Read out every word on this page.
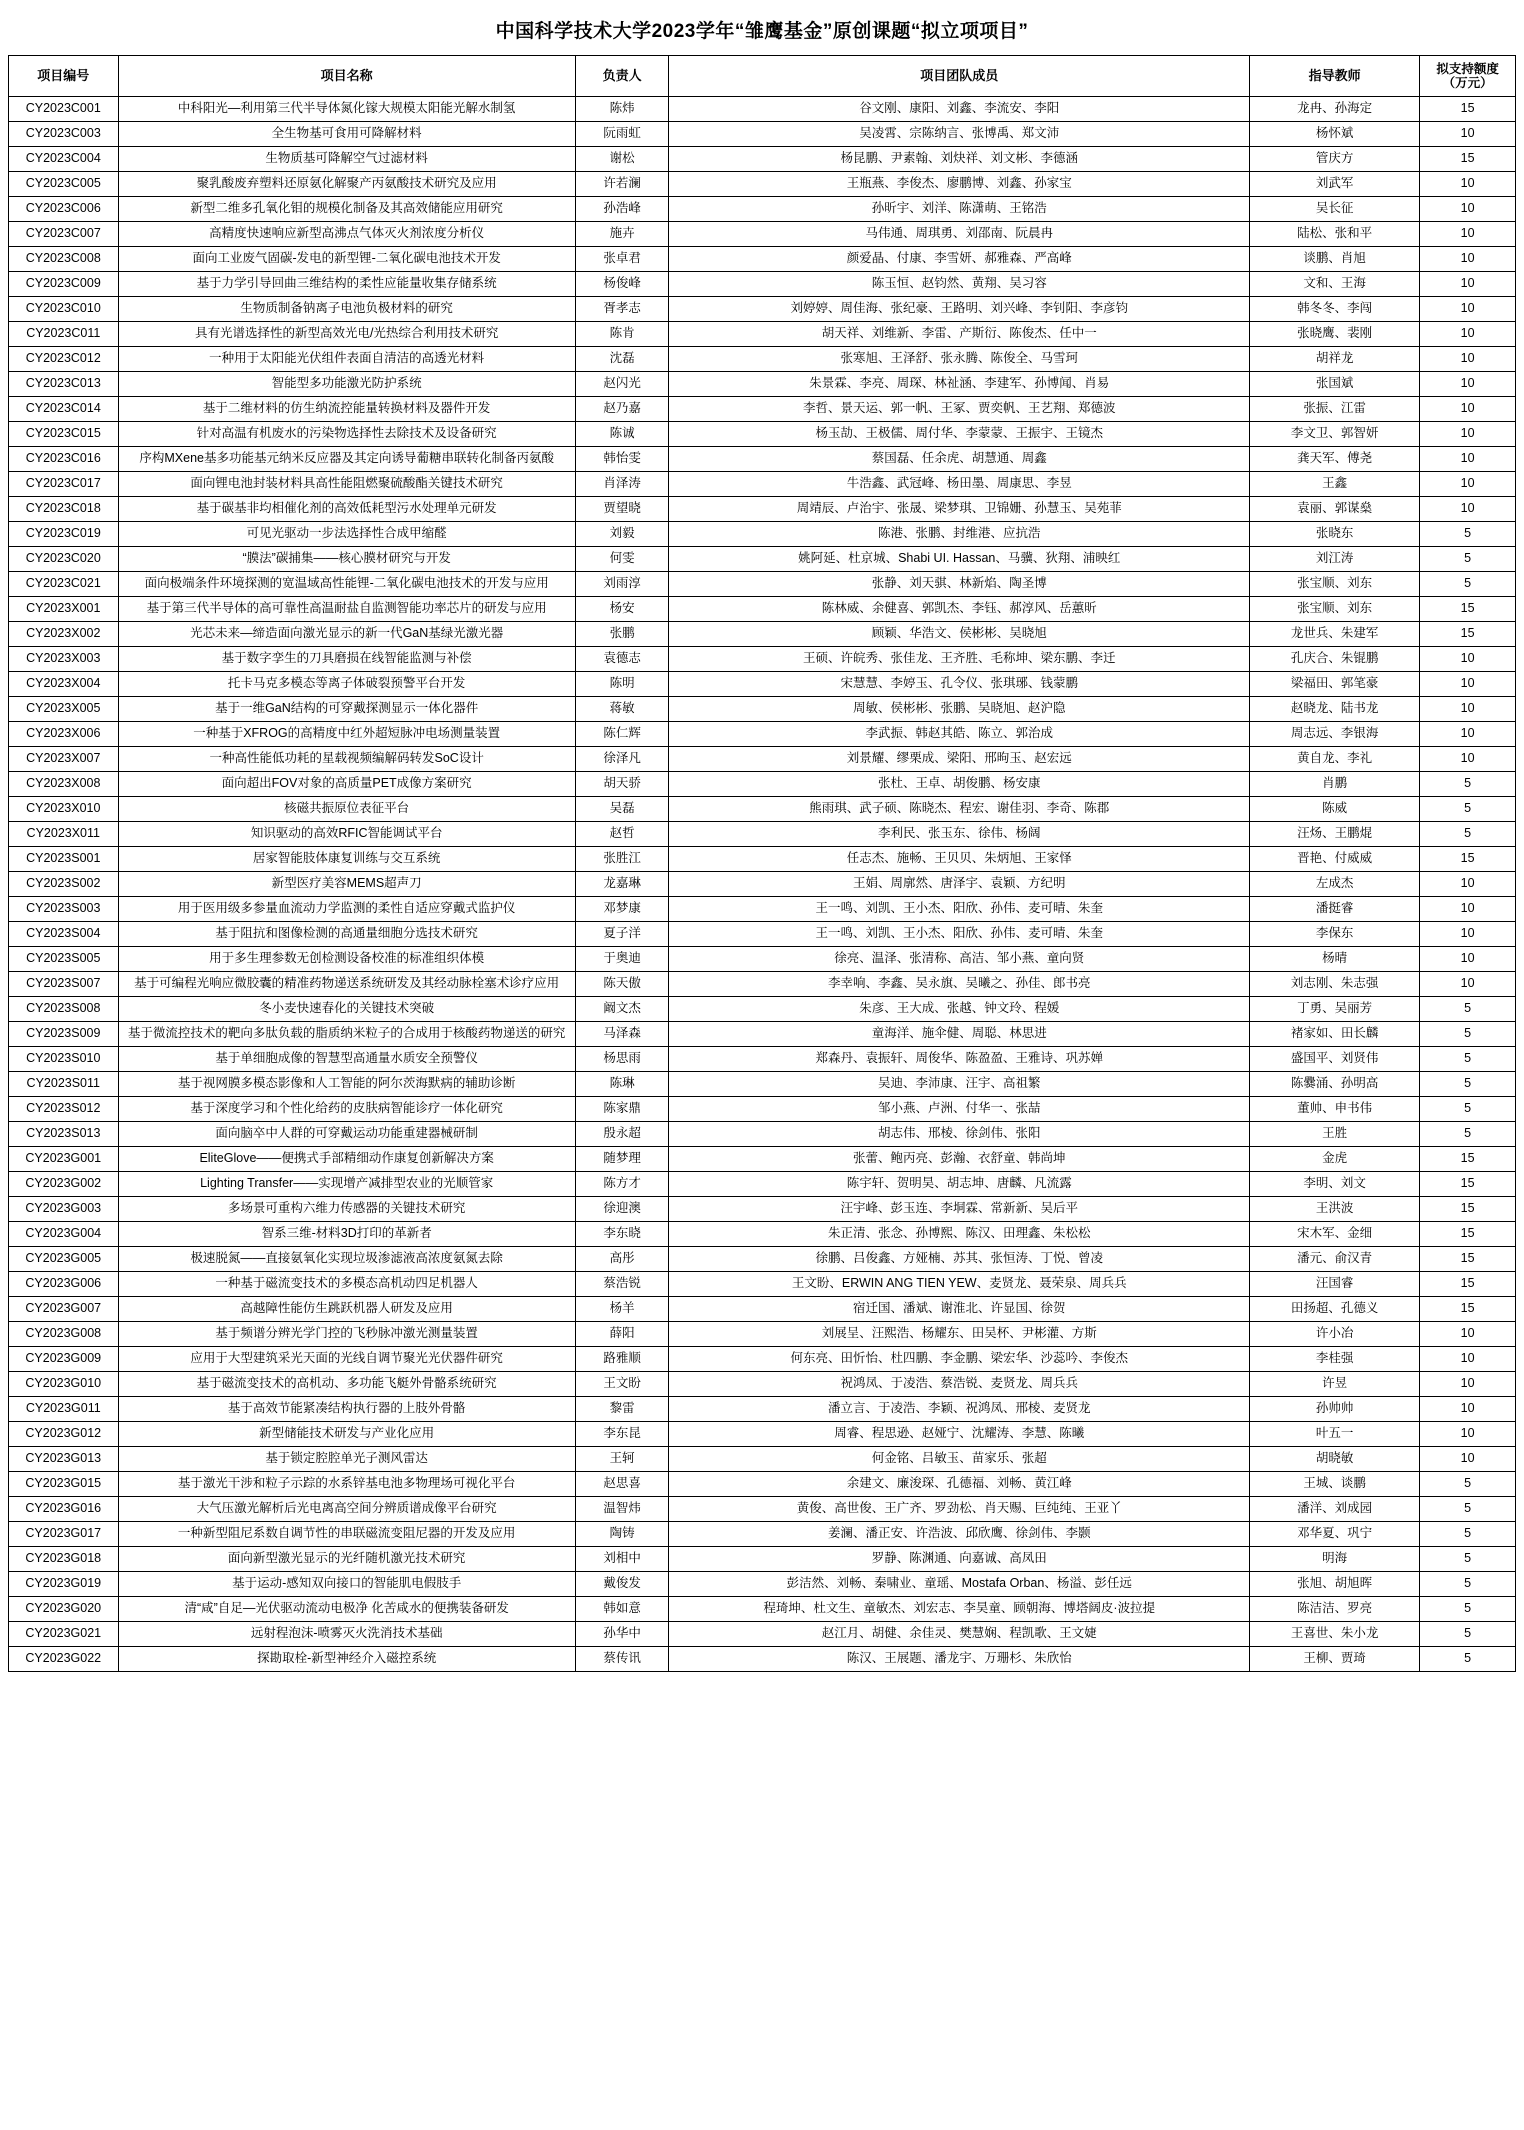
中国科学技术大学2023学年“雏鹰基金”原创课题“拟立项项目”
项目编号	项目名称	负责人	项目团队成员	指导教师	拟支持额度
（万元）

CY2023C001	中科阳光—利用第三代半导体氮化镓大规模太阳能光解水制氢	陈炜	谷文刚、康阳、刘鑫、李流安、李阳	龙冉、孙海定	15
CY2023C003	全生物基可食用可降解材料	阮雨虹	吴凌霄、宗陈纳言、张博禹、郑文沛	杨怀斌	10
CY2023C004	生物质基可降解空气过滤材料	谢松	杨昆鹏、尹素翰、刘炔祥、刘文彬、李德涵	管庆方	15
CY2023C005	聚乳酸废弃塑料还原氨化解聚产丙氨酸技术研究及应用	许若澜	王瓶燕、李俊杰、廖鹏博、刘鑫、孙家宝	刘武军	10
CY2023C006	新型二维多孔氧化钼的规模化制备及其高效储能应用研究	孙浩峰	孙昕宇、刘洋、陈潇萌、王铭浩	吴长征	10
CY2023C007	高精度快速响应新型高沸点气体灭火剂浓度分析仪	施卉	马伟通、周琪勇、刘邵南、阮晨冉	陆松、张和平	10
CY2023C008	面向工业废气固碳-发电的新型锂-二氧化碳电池技术开发	张卓君	颜爱晶、付康、李雪妍、郝雅森、严高峰	谈鹏、肖旭	10
CY2023C009	基于力学引导回曲三维结构的柔性应能量收集存储系统	杨俊峰	陈玉恒、赵钧然、黄翔、吴习容	文和、王海	10
CY2023C010	生物质制备钠离子电池负极材料的研究	胥孝志	刘婷婷、周佳海、张纪豪、王路明、刘兴峰、李钊阳、李彦钧	韩冬冬、李闯	10
CY2023C011	具有光谱选择性的新型高效光电/光热综合利用技术研究	陈肯	胡天祥、刘维新、李雷、产斯衍、陈俊杰、任中一	张晓鹰、裴刚	10
CY2023C012	一种用于太阳能光伏组件表面自清洁的高透光材料	沈磊	张寒旭、王泽舒、张永腾、陈俊全、马雪珂	胡祥龙	10
CY2023C013	智能型多功能激光防护系统	赵闪光	朱景霖、李亮、周琛、林祉涵、李建军、孙博闻、肖易	张国斌	10
CY2023C014	基于二维材料的仿生纳流控能量转换材料及器件开发	赵乃嘉	李哲、景天运、郭一帆、王冢、贾奕帆、王艺翔、郑德波	张振、江雷	10
CY2023C015	针对高温有机废水的污染物选择性去除技术及设备研究	陈诚	杨玉劼、王极儒、周付华、李蒙蒙、王振宇、王镜杰	李文卫、郭智妍	10
CY2023C016	序构MXene基多功能基元纳米反应器及其定向诱导葡糖串联转化制备丙氨酸	韩怡雯	蔡国磊、任余虎、胡慧通、周鑫	龚天军、傅尧	10
CY2023C017	面向锂电池封装材料具高性能阻燃聚硫酸酯关键技术研究	肖泽涛	牛浩鑫、武冠峰、杨田墨、周康思、李昱	王鑫	10
CY2023C018	基于碳基非均相催化剂的高效低耗型污水处理单元研发	贾望晓	周靖辰、卢治宇、张晟、梁梦琪、卫锦姗、孙慧玉、吴苑菲	袁丽、郭谋燊	10
CY2023C019	可见光驱动一步法选择性合成甲缩醛	刘毅	陈港、张鹏、封维港、应抗浩	张晓东	5
CY2023C020	“膜法”碳捕集——核心膜材研究与开发	何雯	姚阿延、杜京城、Shabi UI. Hassan、马骥、狄翔、浦映红	刘江涛	5
CY2023C021	面向极端条件环境探测的宽温域高性能锂-二氧化碳电池技术的开发与应用	刘雨淳	张静、刘天骐、林新焰、陶圣博	张宝顺、刘东	5
CY2023X001	基于第三代半导体的高可靠性高温耐盐自监测智能功率芯片的研发与应用	杨安	陈林威、余健喜、郭凯杰、李钰、郝淳风、岳蕙昕	张宝顺、刘东	15
CY2023X002	光芯未来—缔造面向激光显示的新一代GaN基绿光激光器	张鹏	顾颖、华浩文、侯彬彬、吴晓旭	龙世兵、朱建军	15
CY2023X003	基于数字孪生的刀具磨损在线智能监测与补偿	袁德志	王硕、许皖秀、张佳龙、王齐胜、毛称坤、梁东鹏、李迁	孔庆合、朱锟鹏	10
CY2023X004	托卡马克多模态等离子体破裂预警平台开发	陈明	宋慧慧、李婷玉、孔令仪、张琪琊、钱蒙鹏	梁福田、郭笔豪	10
CY2023X005	基于一维GaN结构的可穿戴探测显示一体化器件	蒋敏	周敏、侯彬彬、张鹏、吴晓旭、赵沪隐	赵晓龙、陆书龙	10
CY2023X006	一种基于XFROG的高精度中红外超短脉冲电场测量装置	陈仁辉	李武振、韩赵其皓、陈立、郭治成	周志远、李银海	10
CY2023X007	一种高性能低功耗的星载视频编解码转发SoC设计	徐泽凡	刘景耀、缪栗成、梁阳、邢昫玉、赵宏远	黄自龙、李礼	10
CY2023X008	面向超出FOV对象的高质量PET成像方案研究	胡天骄	张杜、王卓、胡俊鹏、杨安康	肖鹏	5
CY2023X010	核磁共振原位表征平台	吴磊	熊雨琪、武子硕、陈晓杰、程宏、谢佳羽、李奇、陈郡	陈威	5
CY2023X011	知识驱动的高效RFIC智能调试平台	赵哲	李利民、张玉东、徐伟、杨阔	汪炀、王鹏焜	5
CY2023S001	居家智能肢体康复训练与交互系统	张胜江	任志杰、施畅、王贝贝、朱炳旭、王家怿	晋艳、付威威	15
CY2023S002	新型医疗美容MEMS超声刀	龙嘉琳	王娟、周廓然、唐泽宇、袁颖、方纪明	左成杰	10
CY2023S003	用于医用级多参量血流动力学监测的柔性自适应穿戴式监护仪	邓梦康	王一鸣、刘凯、王小杰、阳欣、孙伟、麦可晴、朱奎	潘挺睿	10
CY2023S004	基于阻抗和图像检测的高通量细胞分选技术研究	夏子洋	王一鸣、刘凯、王小杰、阳欣、孙伟、麦可晴、朱奎	李保东	10
CY2023S005	用于多生理参数无创检测设备校准的标准组织体模	于奥迪	徐亮、温泽、张清称、高洁、邹小燕、童向贤	杨晴	10
CY2023S007	基于可编程光响应微胶囊的精准药物递送系统研发及其经动脉栓塞术诊疗应用	陈天傲	李幸响、李鑫、吴永旗、吴曦之、孙佳、郎书亮	刘志刚、朱志强	10
CY2023S008	冬小麦快速春化的关键技术突破	阚文杰	朱彦、王大成、张越、钟文玲、程媛	丁勇、吴丽芳	5
CY2023S009	基于微流控技术的靶向多肽负载的脂质纳米粒子的合成用于核酸药物递送的研究	马泽森	童海洋、施伞健、周聪、林思进	褚家如、田长麟	5
CY2023S010	基于单细胞成像的智慧型高通量水质安全预警仪	杨思雨	郑森丹、袁振轩、周俊华、陈盈盈、王雅诗、巩苏婵	盛国平、刘贤伟	5
CY2023S011	基于视网膜多模态影像和人工智能的阿尔茨海默病的辅助诊断	陈琳	吴迪、李沛康、汪宇、高祖繁	陈爨涌、孙明高	5
CY2023S012	基于深度学习和个性化给药的皮肤病智能诊疗一体化研究	陈家鼎	邹小燕、卢洲、付华一、张喆	董帅、申书伟	5
CY2023S013	面向脑卒中人群的可穿戴运动功能重建器械研制	殷永超	胡志伟、邢棱、徐剑伟、张阳	王胜	5
CY2023G001	EliteGlove——便携式手部精细动作康复创新解决方案	随梦理	张蕾、鲍丙亮、彭瀚、衣舒童、韩尚坤	金虎	15
CY2023G002	Lighting Transfer——实现增产减排型农业的光顺管家	陈方才	陈宇轩、贺明昊、胡志坤、唐麟、凡流露	李明、刘文	15
CY2023G003	多场景可重构六维力传感器的关键技术研究	徐迎澳	汪宇峰、彭玉连、李垌霖、常新新、吴后平	王洪波	15
CY2023G004	智系三维-材料3D打印的革新者	李东晓	朱正清、张念、孙博熙、陈汉、田理鑫、朱松松	宋木军、金细	15
CY2023G005	极速脱氮——直接氨氧化实现垃圾渗滤液高浓度氨氮去除	高彤	徐鹏、吕俊鑫、方娅楠、苏其、张恒涛、丁悦、曾凌	潘元、俞汉青	15
CY2023G006	一种基于磁流变技术的多模态高机动四足机器人	蔡浩锐	王文盼、ERWIN ANG TIEN YEW、麦贤龙、聂荣泉、周兵兵	汪国睿	15
CY2023G007	高越障性能仿生跳跃机器人研发及应用	杨羊	宿迁国、潘斌、谢淮北、许显国、徐贺	田扬超、孔德义	15
CY2023G008	基于频谱分辨光学门控的飞秒脉冲激光测量装置	薛阳	刘展呈、汪熙浩、杨耀东、田吴杯、尹彬灌、方斯	许小冶	10
CY2023G009	应用于大型建筑采光天面的光线自调节聚光光伏器件研究	路雅顺	何东亮、田忻怡、杜四鹏、李金鹏、梁宏华、沙蕊吟、李俊杰	李桂强	10
CY2023G010	基于磁流变技术的高机动、多功能飞艇外骨骼系统研究	王文盼	祝鸿凤、于凌浩、蔡浩锐、麦贤龙、周兵兵	许昱	10
CY2023G011	基于高效节能紧凑结构执行器的上肢外骨骼	黎雷	潘立言、于凌浩、李颖、祝鸿凤、邢棱、麦贤龙	孙帅帅	10
CY2023G012	新型储能技术研发与产业化应用	李东昆	周睿、程思逊、赵娅宁、沈耀涛、李慧、陈曦	叶五一	10
CY2023G013	基于锁定腔腔单光子测风雷达	王轲	何金铭、吕敏玉、苗家乐、张超	胡晓敏	10
CY2023G015	基于激光干涉和粒子示踪的水系锌基电池多物理场可视化平台	赵思喜	余建文、廉浚琛、孔德福、刘畅、黄江峰	王城、谈鹏	5
CY2023G016	大气压激光解析后光电离高空间分辨质谱成像平台研究	温智炜	黄俊、高世俊、王广齐、罗劲松、肖天赐、巨纯纯、王亚丫	潘洋、刘成园	5
CY2023G017	一种新型阻尼系数自调节性的串联磁流变阻尼器的开发及应用	陶铸	姜澜、潘正安、许浩波、邱欣鹰、徐剑伟、李颢	邓华夏、巩宁	5
CY2023G018	面向新型激光显示的光纤随机激光技术研究	刘相中	罗静、陈渊通、向嘉诚、高凤田	明海	5
CY2023G019	基于运动-感知双向接口的智能肌电假肢手	戴俊发	彭洁然、刘畅、秦啸业、童瑶、Mostafa Orban、杨溢、彭任远	张旭、胡旭晖	5
CY2023G020	清“咸”自足—光伏驱动流动电极净 化苦咸水的便携装备研发	韩如意	程琦坤、杜文生、童敏杰、刘宏志、李昊童、顾朝海、博塔阔皮·波拉提	陈洁洁、罗亮	5
CY2023G021	远射程泡沫-喷雾灭火洗消技术基础	孙华中	赵江月、胡健、余佳灵、樊慧娴、程凯歌、王文婕	王喜世、朱小龙	5
CY2023G022	探勘取栓-新型神经介入磁控系统	蔡传讯	陈汉、王展题、潘龙宇、万珊杉、朱欣怡	王柳、贾琦	5
